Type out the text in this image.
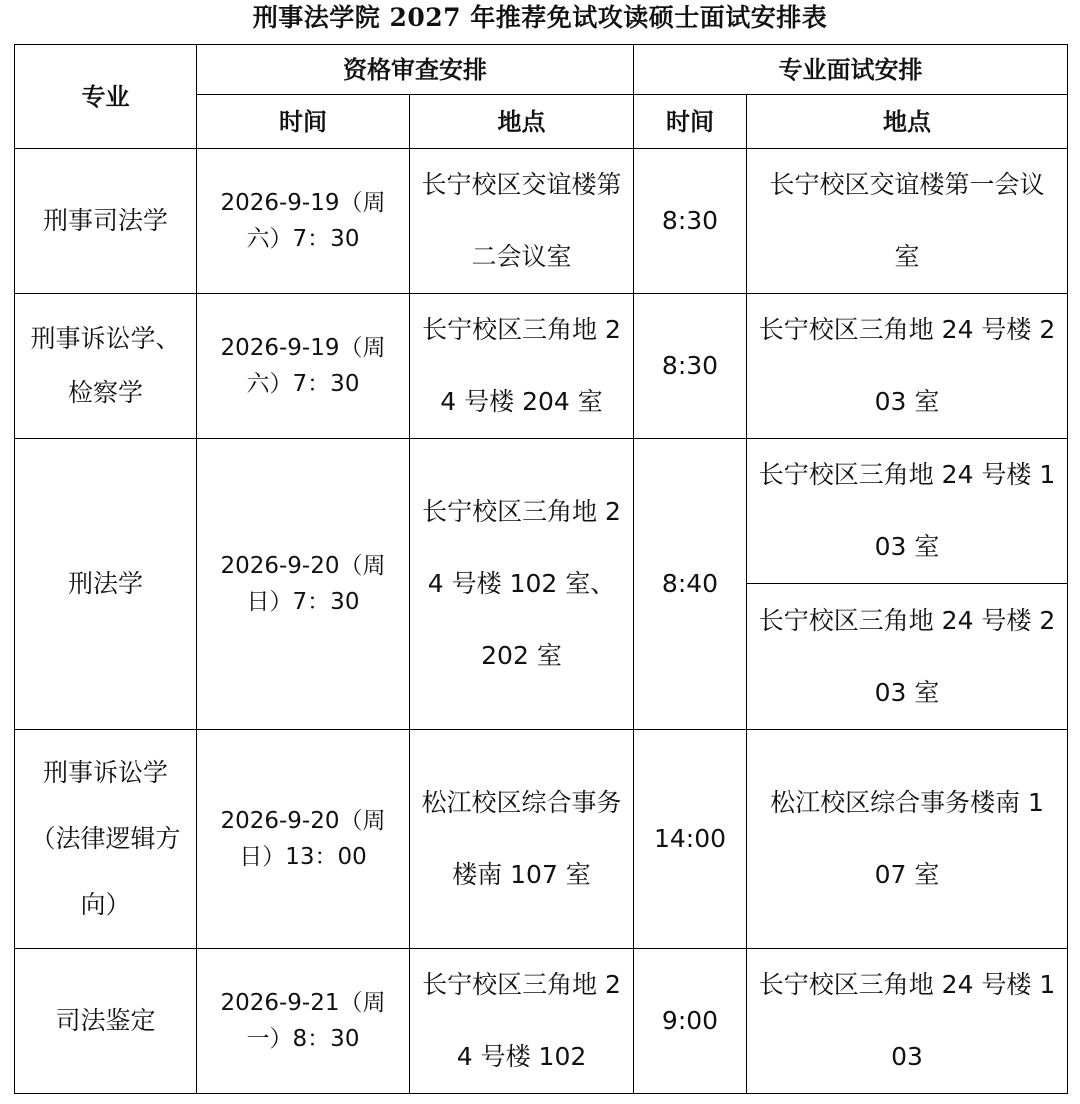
刑事法学院 2027 年推荐免试攻读硕士面试安排表
专业	资格审查安排		专业面试安排	
	时间	地点	时间	地点
刑事司法学	2026-9-19（周六）7：30	长宁校区交谊楼第二会议室	8:30	长宁校区交谊楼第一会议室
刑事诉讼学、检察学	2026-9-19（周六）7：30	长宁校区三角地 24 号楼 204 室	8:30	长宁校区三角地 24 号楼 203 室
刑法学	2026-9-20（周日）7：30	长宁校区三角地 24 号楼 102 室、202 室	8:40	长宁校区三角地 24 号楼 103 室
				长宁校区三角地 24 号楼 203 室
刑事诉讼学（法律逻辑方向）	2026-9-20（周日）13：00	松江校区综合事务楼南 107 室	14:00	松江校区综合事务楼南 107 室
司法鉴定	2026-9-21（周一）8：30	长宁校区三角地 24 号楼 102	9:00	长宁校区三角地 24 号楼 103
